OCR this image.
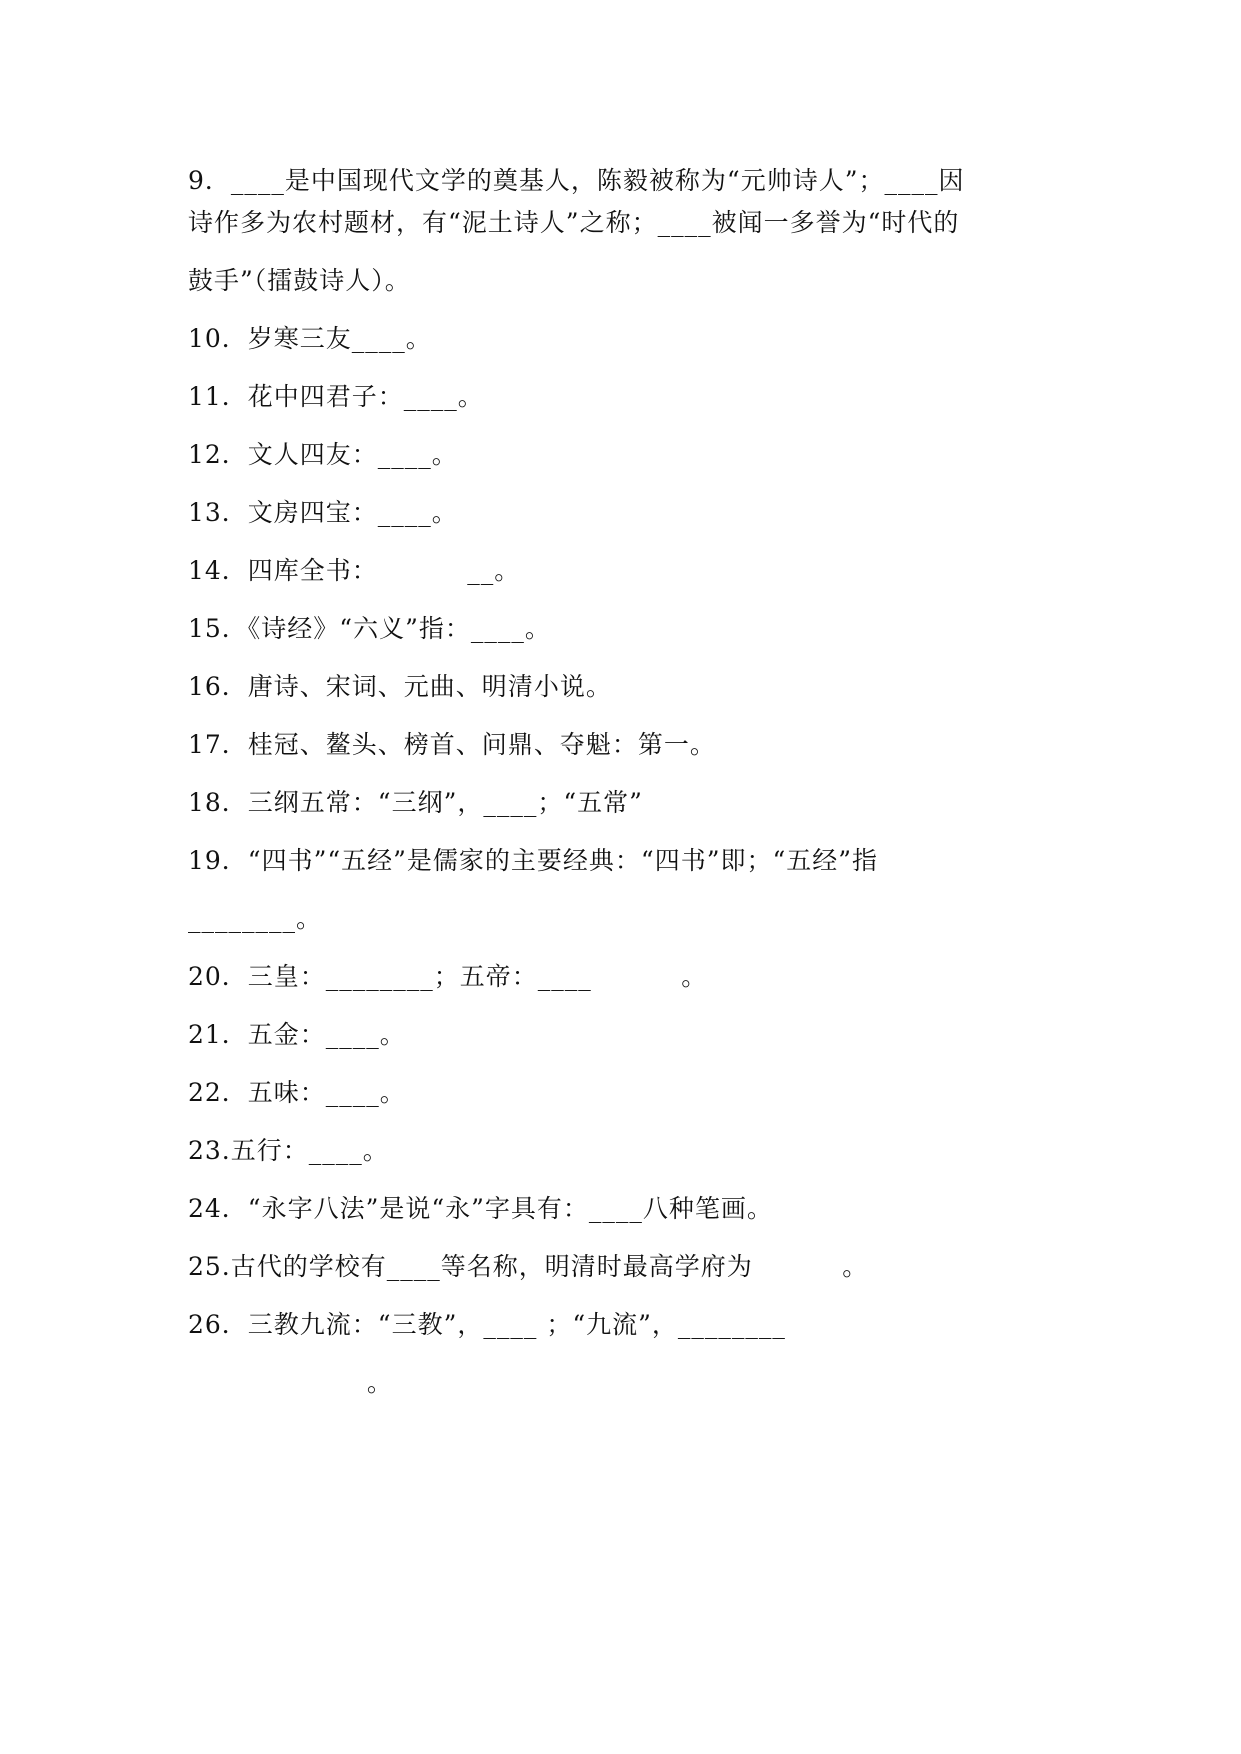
9．____是中国现代文学的奠基人，陈毅被称为“元帅诗人”；____因
诗作多为农村题材，有“泥土诗人”之称；____被闻一多誉为“时代的
鼓手”（擂鼓诗人）。
10．岁寒三友____。
11．花中四君子：____。
12．文人四友：____。
13．文房四宝：____。
14．四库全书：          __。
15．《诗经》“六义”指：____。
16．唐诗、宋词、元曲、明清小说。
17．桂冠、鳌头、榜首、问鼎、夺魁：第一。
18．三纲五常：“三纲”，____；“五常”
19．“四书”“五经”是儒家的主要经典：“四书”即；“五经”指
________。
20．三皇：________；五帝：____          。
21．五金：____。
22．五味：____。
23.五行：____。
24．“永字八法”是说“永”字具有：____八种笔画。
25.古代的学校有____等名称，明清时最高学府为          。
26．三教九流：“三教”，____ ；“九流”，________
。
